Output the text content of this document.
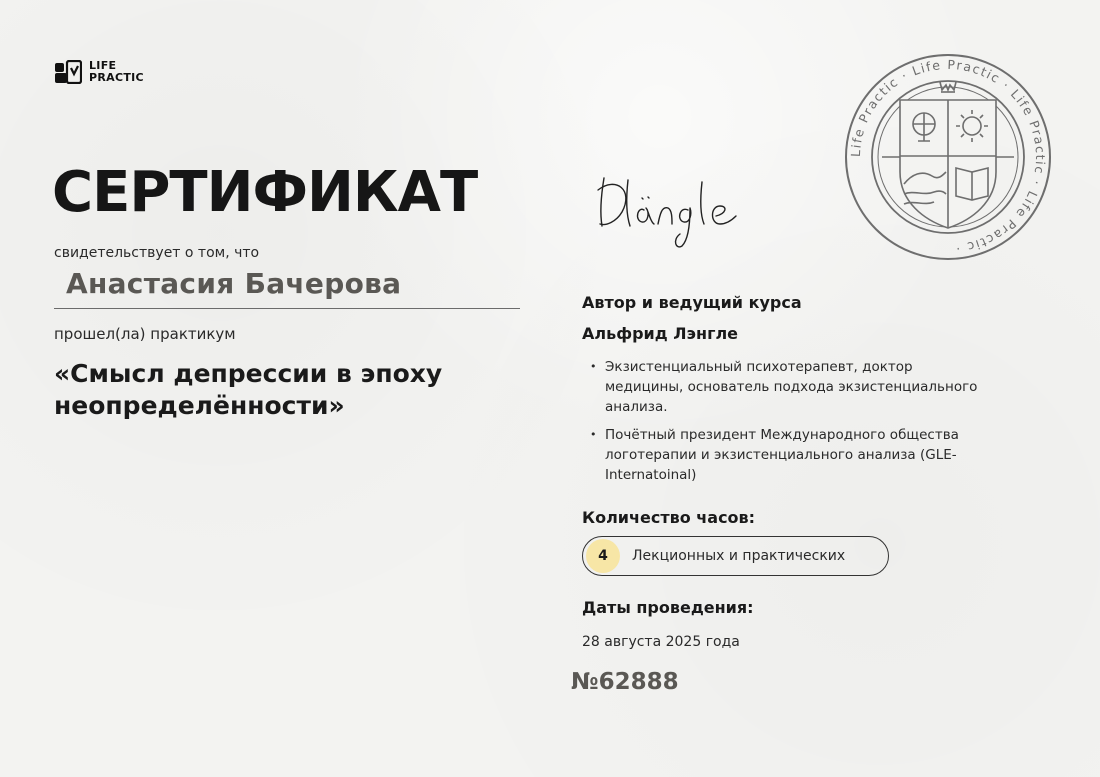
LIFE
PRACTIC
СЕРТИФИКАТ
свидетельствует о том, что
Анастасия Бачерова
прошел(ла) практикум
«Смысл депрессии в эпоху неопределённости»
Life Practic · Life Practic · Life Practic · Life Practic ·
Автор и ведущий курса
Альфрид Лэнгле
• Экзистенциальный психотерапевт, доктор медицины, основатель подхода экзистенциального анализа.
• Почётный президент Международного общества логотерапии и экзистенциального анализа (GLE-Internatoinal)
Количество часов:
4	Лекционных и практических
Даты проведения:
28 августа 2025 года
№62888
